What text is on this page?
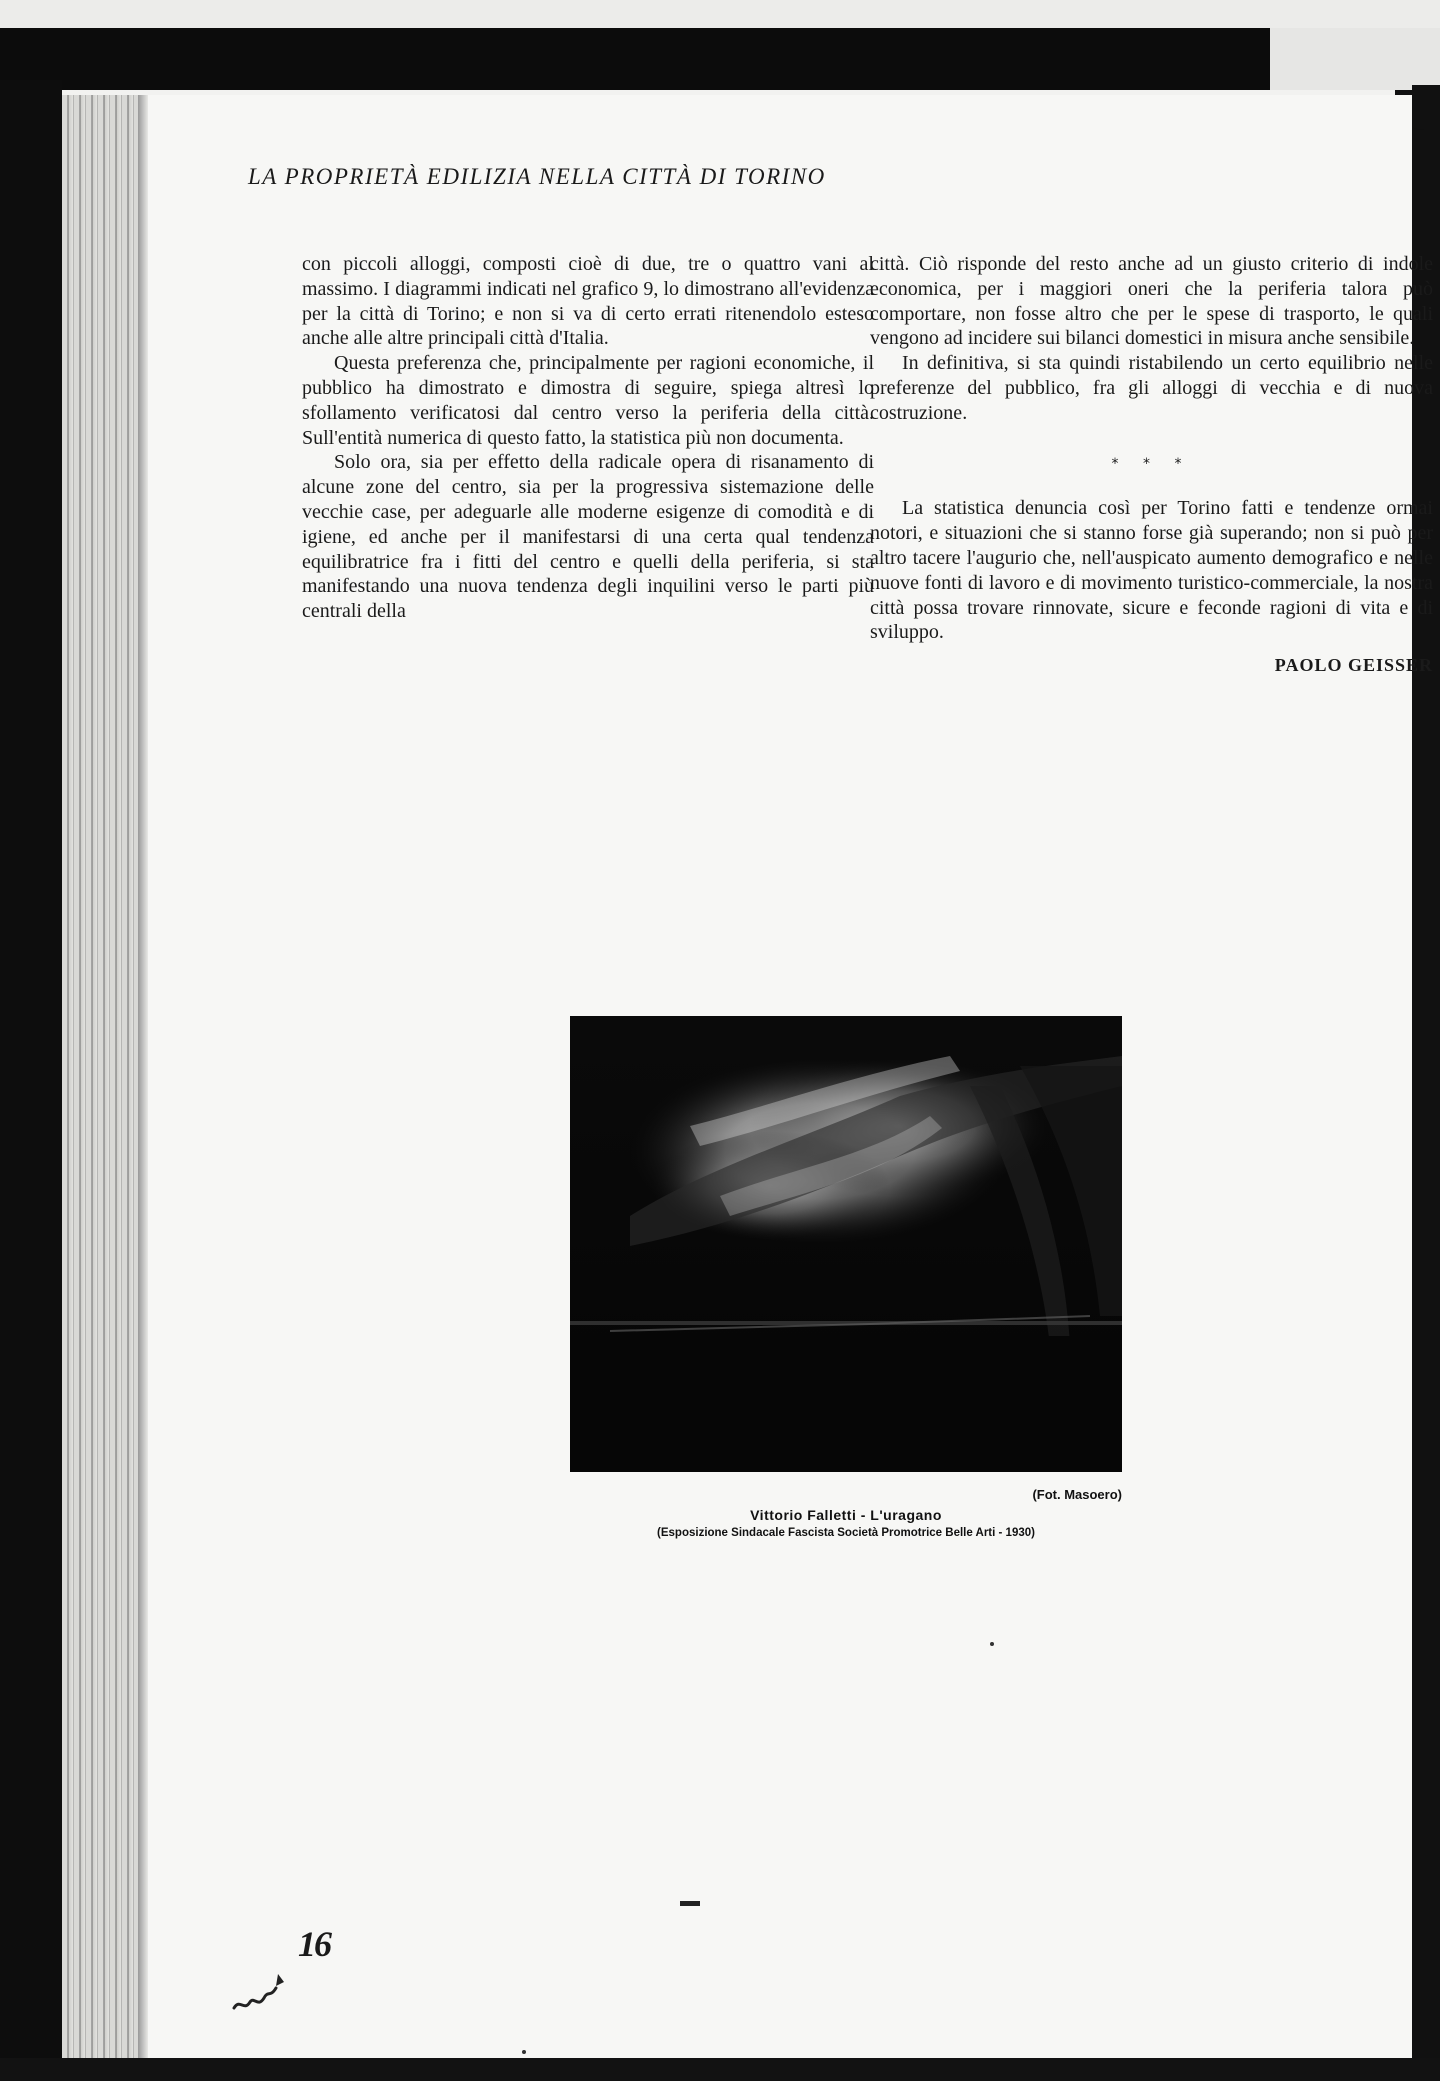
LA PROPRIETÀ EDILIZIA NELLA CITTÀ DI TORINO

con piccoli alloggi, composti cioè di due, tre o quattro vani al massimo. I diagrammi indicati nel grafico 9, lo dimostrano all'evidenza per la città di Torino; e non si va di certo errati ritenendolo esteso anche alle altre principali città d'Italia.

Questa preferenza che, principalmente per ragioni economiche, il pubblico ha dimostrato e dimostra di seguire, spiega altresì lo sfollamento verificatosi dal centro verso la periferia della città. Sull'entità numerica di questo fatto, la statistica più non documenta.

Solo ora, sia per effetto della radicale opera di risanamento di alcune zone del centro, sia per la progressiva sistemazione delle vecchie case, per adeguarle alle moderne esigenze di comodità e di igiene, ed anche per il manifestarsi di una certa qual tendenza equilibratrice fra i fitti del centro e quelli della periferia, si sta manifestando una nuova tendenza degli inquilini verso le parti più centrali della

città. Ciò risponde del resto anche ad un giusto criterio di indole economica, per i maggiori oneri che la periferia talora può comportare, non fosse altro che per le spese di trasporto, le quali vengono ad incidere sui bilanci domestici in misura anche sensibile.

In definitiva, si sta quindi ristabilendo un certo equilibrio nelle preferenze del pubblico, fra gli alloggi di vecchia e di nuova costruzione.

* * *

La statistica denuncia così per Torino fatti e tendenze ormai notori, e situazioni che si stanno forse già superando; non si può per altro tacere l'augurio che, nell'auspicato aumento demografico e nelle nuove fonti di lavoro e di movimento turistico-commerciale, la nostra città possa trovare rinnovate, sicure e feconde ragioni di vita e di sviluppo.

PAOLO GEISSER
(Fot. Masoero)
Vittorio Falletti - L'uragano
(Esposizione Sindacale Fascista Società Promotrice Belle Arti - 1930)
16
